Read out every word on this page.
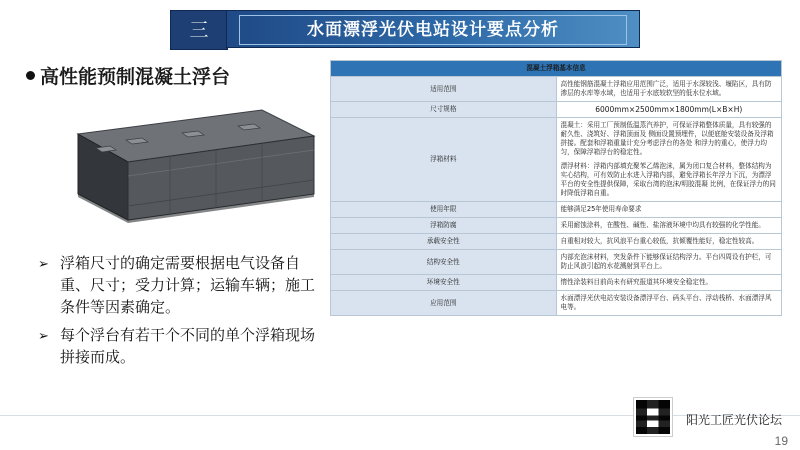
三	水面漂浮光伏电站设计要点分析
高性能预制混凝土浮台
➢ 浮箱尺寸的确定需要根据电气设备自重、尺寸；受力计算；运输车辆；施工条件等因素确定。
➢ 每个浮台有若干个不同的单个浮箱现场拼接而成。
混凝土浮箱基本信息	
适用范围	高性能钢筋混凝土浮箱应用范围广泛，适用于水深较浅、堰陷区，具有防渗层的水库等水域，也适用于水底较软坚的低水位水域。
尺寸规格	6000mm×2500mm×1800mm(L×B×H)
浮箱材料	混凝土：采用工厂预制低温蒸汽养护，可保证浮箱整体质量，具有较强的耐久性、浇筑好、浮箱顶面及 侧面设置预埋件，以便底舱安装设备及浮箱拼接。配套和浮箱重量计充分考虑浮台的各处 和浮力的重心，使浮力均匀，保障浮箱浮台的稳定性。

漂浮材料：浮箱内部填充聚苯乙烯泡沫，属为闭口复合材料，整体结构为实心结构，可有效防止水进入浮箱内部，避免浮箱长年浮力下沉，为漂浮平台的安全性提供保障，采取台湾的泡沫/明胶混凝 比例，在保证浮力的同时降低浮箱自重。

使用年限	能够满足25年使用寿命要求
浮箱防腐	采用耐蚀涂料，在酸性、碱性、盐溶液环境中均具有较强的化学性能。
承载安全性	自重相对较大，抗风浪平台重心较低，抗倾覆性能好，稳定性较高。
结构安全性	内部充泡沫材料，突发条件下能够保证结构浮力。平台四周设有护栏，可防止风浪引起的水花溅射到平台上。
环境安全性	惰性涂装料目前尚未有研究报道其环境安全稳定性。
应用范围	水面漂浮光伏电站安装设备漂浮平台、码头平台、浮动栈桥、水面漂浮风电等。
阳光工匠光伏论坛
19
